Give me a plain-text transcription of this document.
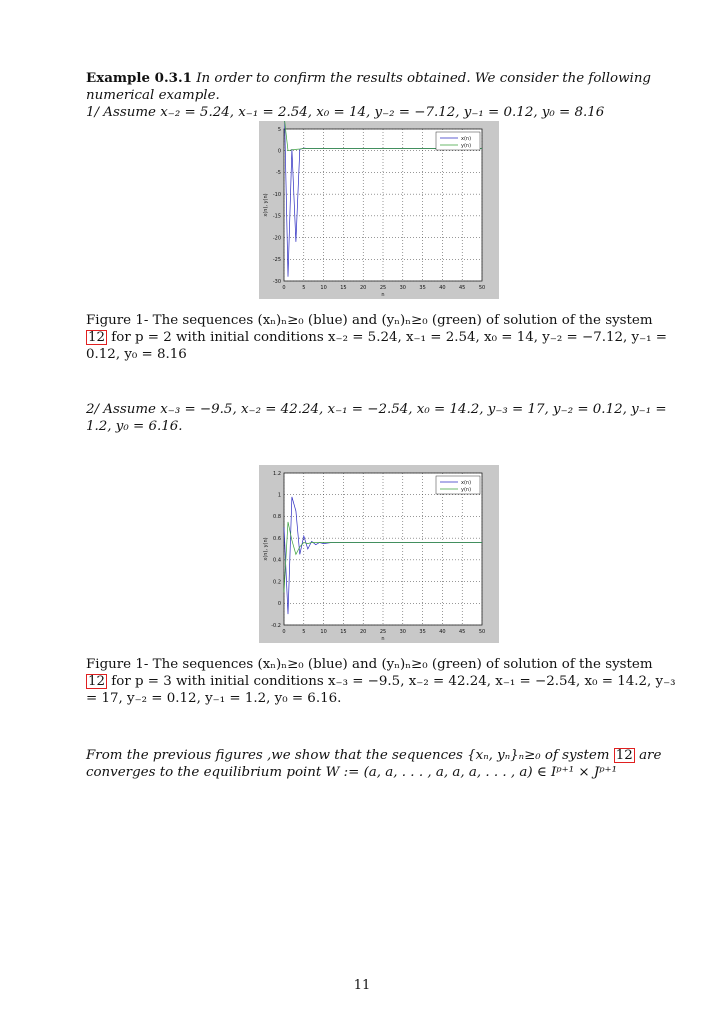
Example 0.3.1 In order to confirm the results obtained. We consider the following numerical example.
1/ Assume x₋₂ = 5.24, x₋₁ = 2.54, x₀ = 14, y₋₂ = −7.12, y₋₁ = 0.12, y₀ = 8.16
0	5	10	15	20	25	30	35	40	45	50
5
0
-5
-10
-15
-20
-25
-30
n
x(n), y(n)
x(n)
y(n)
Figure 1- The sequences (xₙ)ₙ≥₀ (blue) and (yₙ)ₙ≥₀ (green) of solution of the system 12 for p = 2 with initial conditions x₋₂ = 5.24, x₋₁ = 2.54, x₀ = 14, y₋₂ = −7.12, y₋₁ = 0.12, y₀ = 8.16
2/ Assume x₋₃ = −9.5, x₋₂ = 42.24, x₋₁ = −2.54, x₀ = 14.2, y₋₃ = 17, y₋₂ = 0.12, y₋₁ = 1.2, y₀ = 6.16.
0	5	10	15	20	25	30	35	40	45	50
1.2
1
0.8
0.6
0.4
0.2
0
-0.2
n
x(n), y(n)
x(n)
y(n)
Figure 1- The sequences (xₙ)ₙ≥₀ (blue) and (yₙ)ₙ≥₀ (green) of solution of the system 12 for p = 3 with initial conditions x₋₃ = −9.5, x₋₂ = 42.24, x₋₁ = −2.54, x₀ = 14.2, y₋₃ = 17, y₋₂ = 0.12, y₋₁ = 1.2, y₀ = 6.16.
From the previous figures ,we show that the sequences {xₙ, yₙ}ₙ≥₀ of system 12 are converges to the equilibrium point W := (a, a, . . . , a, a, a, . . . , a) ∈ Iᵖ⁺¹ × Jᵖ⁺¹
11
